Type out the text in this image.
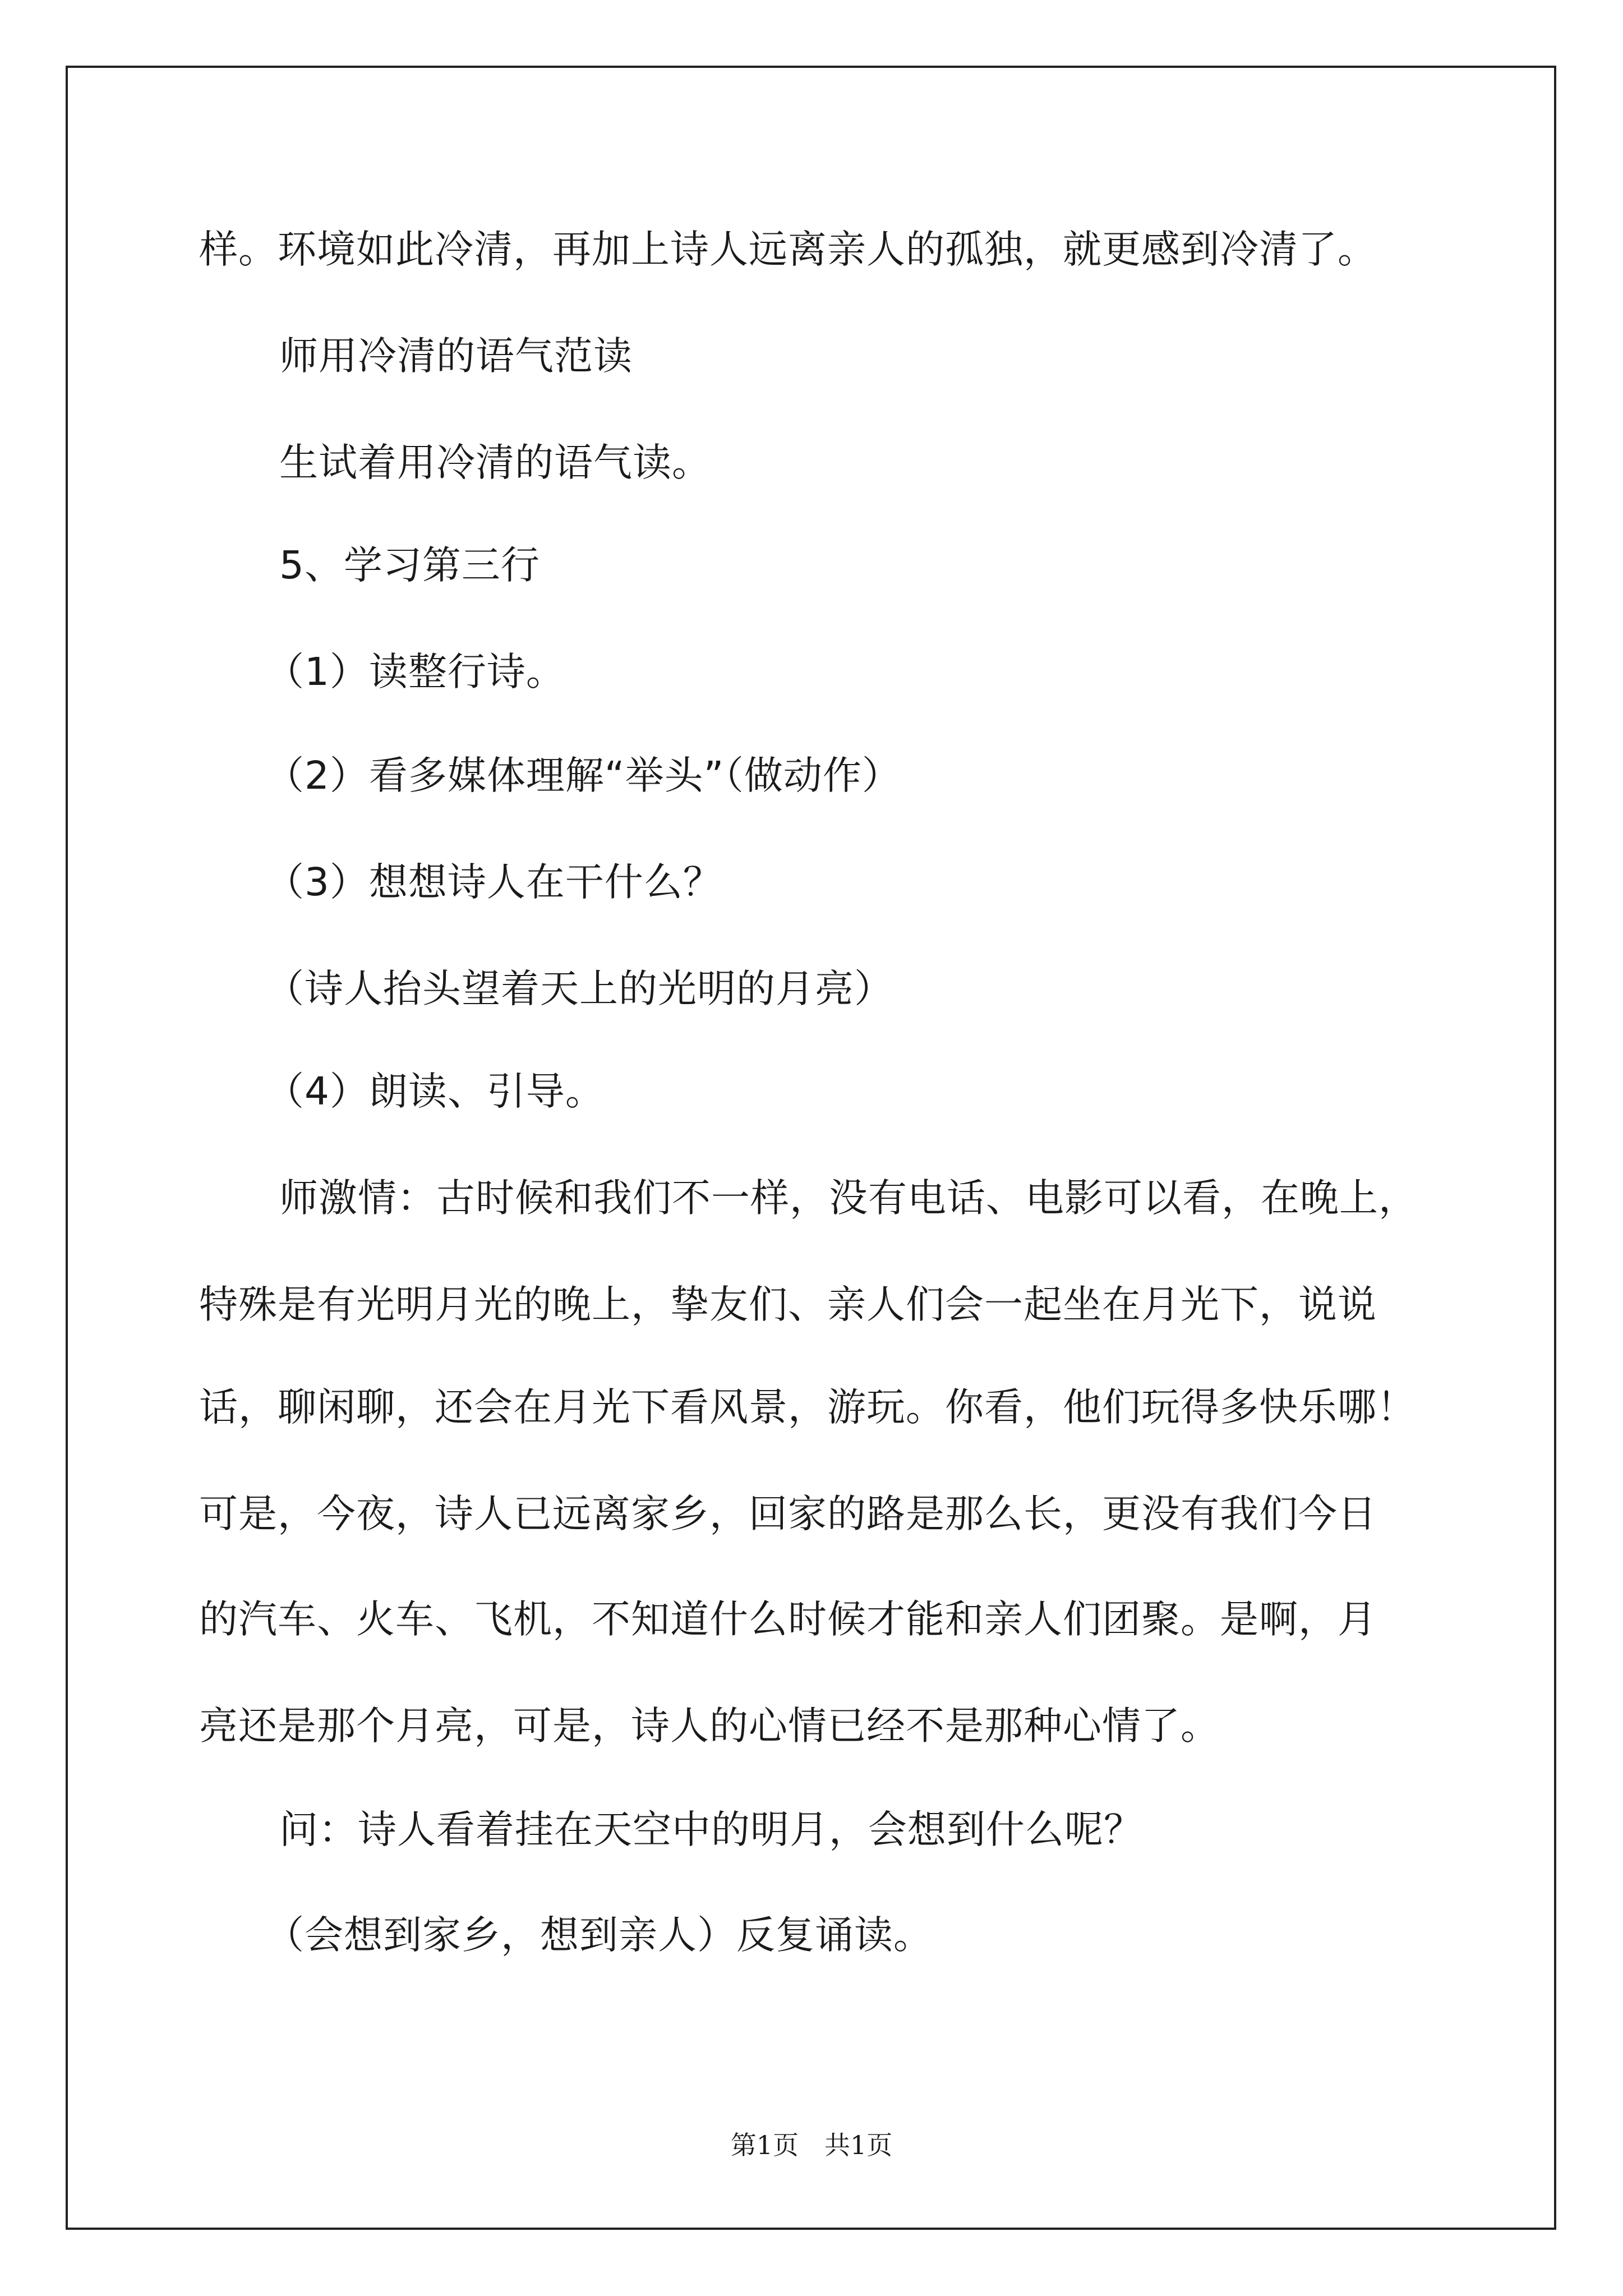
样。环境如此冷清，再加上诗人远离亲人的孤独，就更感到冷清了。
师用冷清的语气范读
生试着用冷清的语气读。
5、学习第三行
（1）读整行诗。
（2）看多媒体理解“举头”（做动作）
（3）想想诗人在干什么？
（诗人抬头望着天上的光明的月亮）
（4）朗读、引导。
师激情：古时候和我们不一样，没有电话、电影可以看，在晚上，
特殊是有光明月光的晚上，挚友们、亲人们会一起坐在月光下，说说
话，聊闲聊，还会在月光下看风景，游玩。你看，他们玩得多快乐哪！
可是，今夜，诗人已远离家乡，回家的路是那么长，更没有我们今日
的汽车、火车、飞机，不知道什么时候才能和亲人们团聚。是啊，月
亮还是那个月亮，可是，诗人的心情已经不是那种心情了。
问：诗人看着挂在天空中的明月，会想到什么呢？
（会想到家乡，想到亲人）反复诵读。
第1页　共1页
